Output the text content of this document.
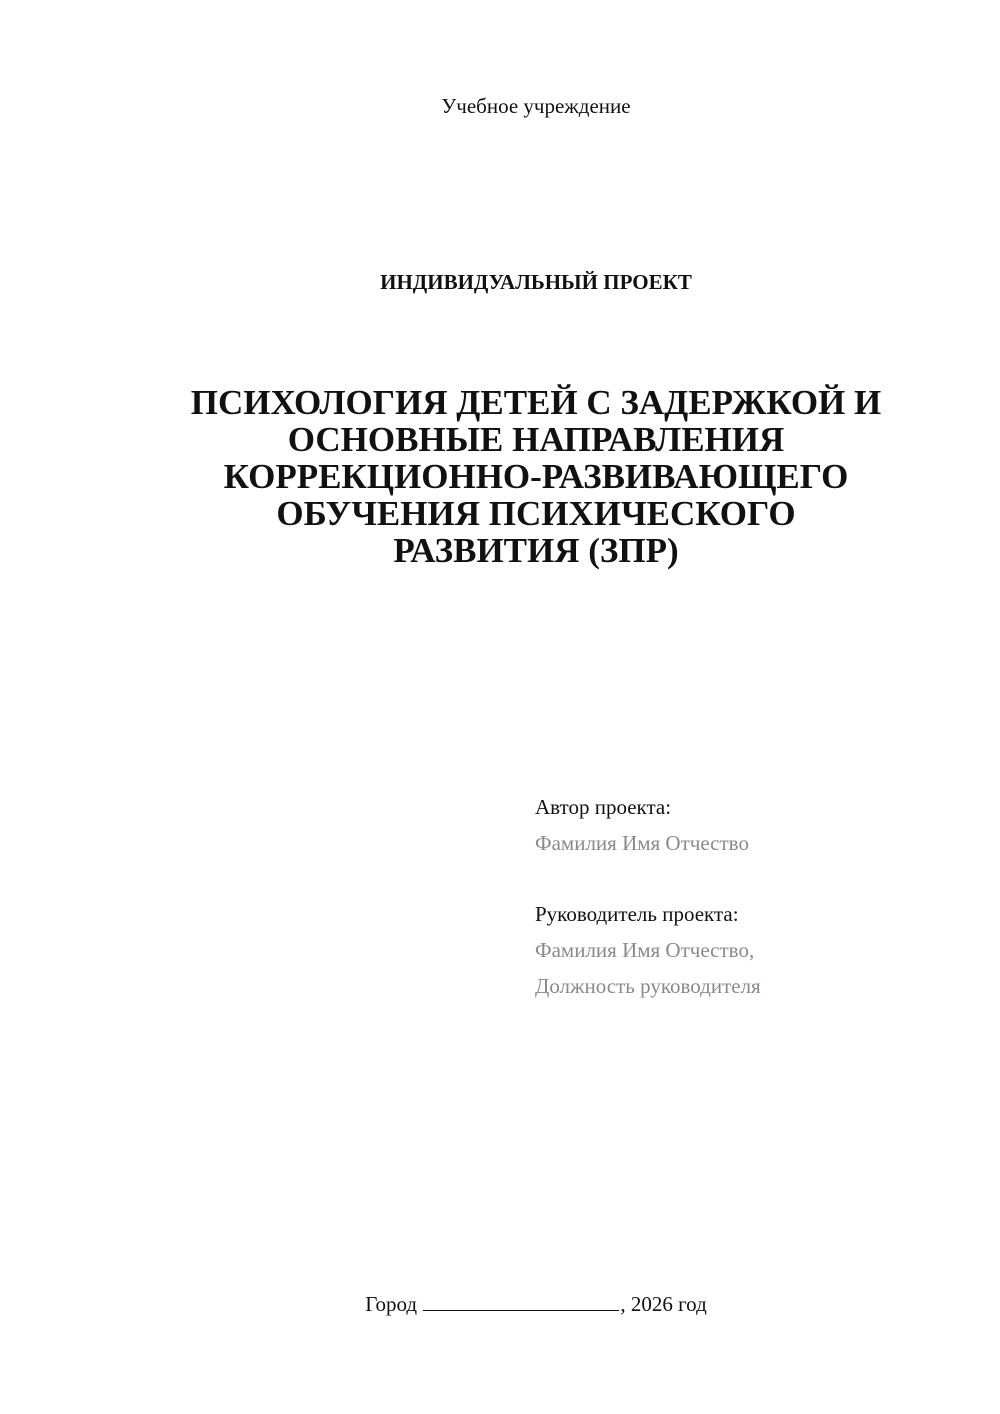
Учебное учреждение
ИНДИВИДУАЛЬНЫЙ ПРОЕКТ
ПСИХОЛОГИЯ ДЕТЕЙ С ЗАДЕРЖКОЙ И
ОСНОВНЫЕ НАПРАВЛЕНИЯ
КОРРЕКЦИОННО-РАЗВИВАЮЩЕГО
ОБУЧЕНИЯ ПСИХИЧЕСКОГО
РАЗВИТИЯ (ЗПР)
Автор проекта:
Фамилия Имя Отчество
Руководитель проекта:
Фамилия Имя Отчество,
Должность руководителя
Город	, 2026 год
